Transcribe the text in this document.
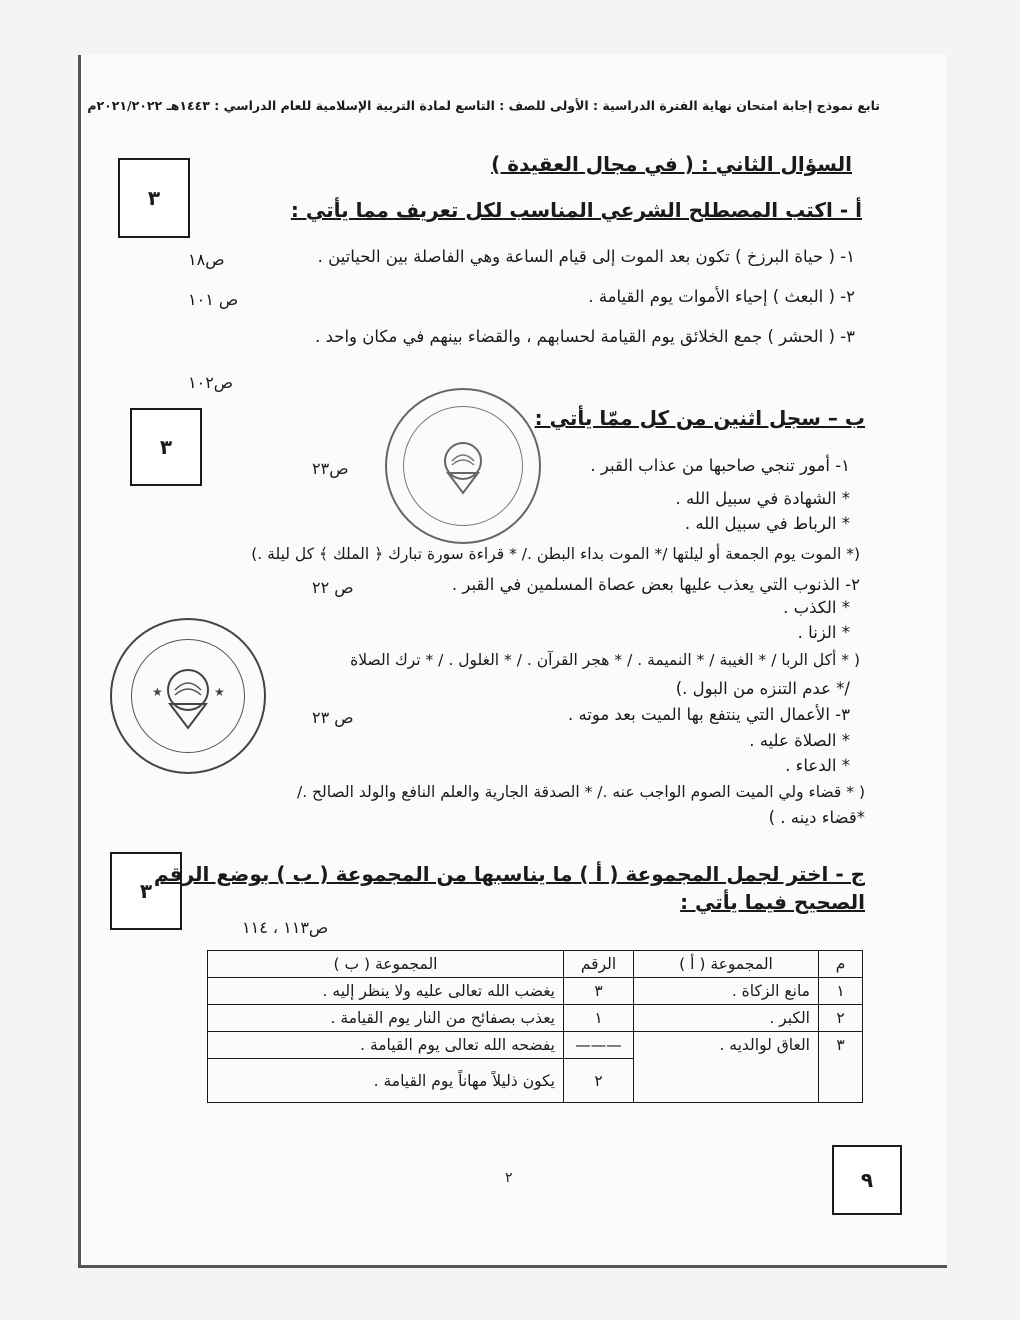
تابع نموذج إجابة امتحان نهاية الفترة الدراسية : الأولى للصف : التاسع لمادة التربية الإسلامية للعام الدراسي : ١٤٤٣هـ ٢٠٢١/٢٠٢٢م
٣
السؤال الثاني : ( في مجال العقيدة )
أ - اكتب المصطلح الشرعي المناسب لكل تعريف مما يأتي :
١- ( حياة البرزخ ) تكون بعد الموت إلى قيام الساعة وهي الفاصلة بين الحياتين .
ص١٨
٢- ( البعث ) إحياء الأموات يوم القيامة .
ص ١٠١
٣- ( الحشر ) جمع الخلائق يوم القيامة لحسابهم ، والقضاء بينهم في مكان واحد .
ص١٠٢
٣
ب – سجل اثنين من كل ممّا يأتي :
١- أمور تنجي صاحبها من عذاب القبر .
ص٢٣
* الشهادة في سبيل الله .
* الرباط في سبيل الله .
(* الموت يوم الجمعة أو ليلتها /* الموت بداء البطن ./ * قراءة سورة تبارك ﴿ الملك ﴾ كل ليلة .)
٢- الذنوب التي يعذب عليها بعض عصاة المسلمين في القبر .
ص ٢٢
* الكذب .
* الزنا .
( * أكل الربا / * الغيبة / * النميمة . / * هجر القرآن . / * الغلول . / * ترك الصلاة
/* عدم التنزه من البول .)
★	★
٣- الأعمال التي ينتفع بها الميت بعد موته .
ص ٢٣
* الصلاة عليه .
* الدعاء .
( * قضاء ولي الميت الصوم الواجب عنه ./ * الصدقة الجارية والعلم النافع والولد الصالح ./
*قضاء دينه . )
٣
ج - اختر لجمل المجموعة ( أ ) ما يناسبها من المجموعة ( ب ) بوضع الرقم
الصحيح فيما يأتي :
ص١١٣ ، ١١٤
م	المجموعة ( أ )	الرقم	المجموعة ( ب )
١	مانع الزكاة .	٣	يغضب الله تعالى عليه ولا ينظر إليه .
٢	الكبر .	١	يعذب بصفائح من النار يوم القيامة .
٣	العاق لوالديه .	———	يفضحه الله تعالى يوم القيامة .
		٢	يكون ذليلاً مهاناً يوم القيامة .
٢	٩
